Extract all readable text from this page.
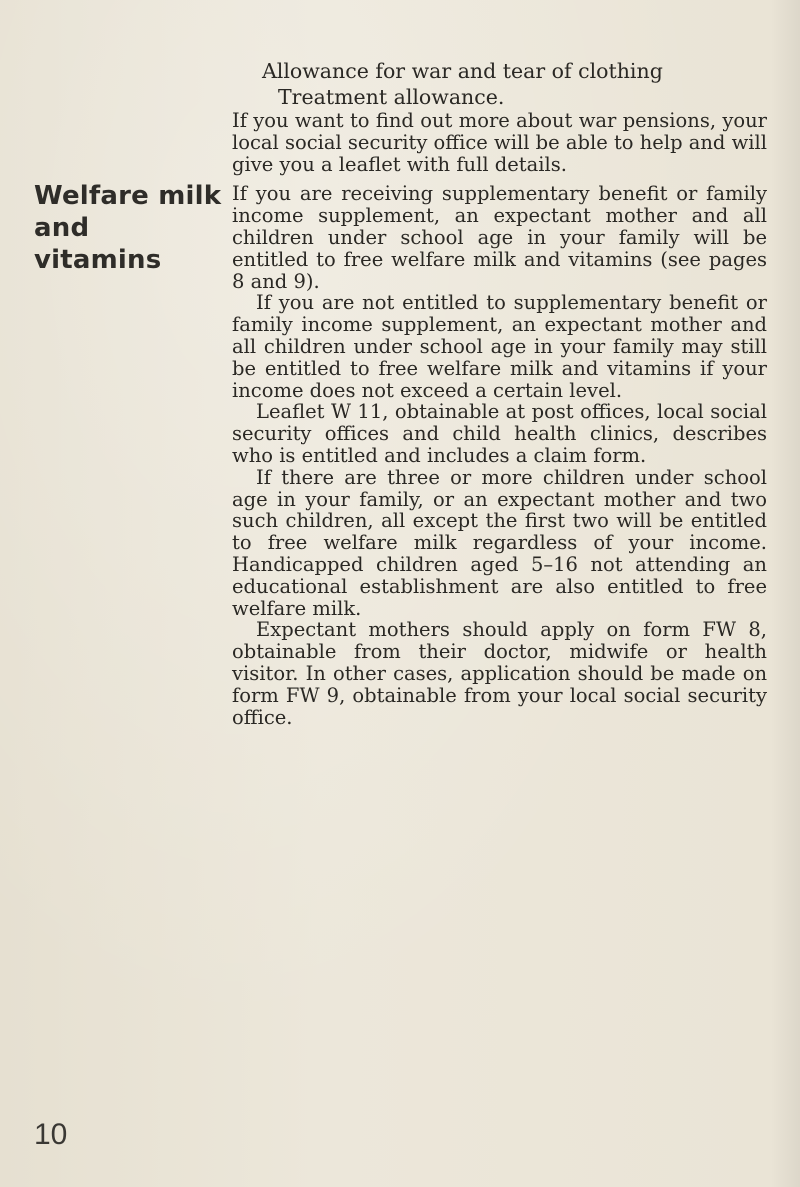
Allowance for war and tear of clothing
Treatment allowance.
Welfare milk
and
vitamins

If you want to find out more about war pensions, your local social security office will be able to help and will give you a leaflet with full details.

If you are receiving supplementary benefit or family income supplement, an expectant mother and all children under school age in your family will be entitled to free welfare milk and vitamins (see pages 8 and 9).

If you are not entitled to supplementary benefit or family income supplement, an expectant mother and all children under school age in your family may still be entitled to free welfare milk and vitamins if your income does not exceed a certain level.

Leaflet W 11, obtainable at post offices, local social security offices and child health clinics, describes who is entitled and includes a claim form.

If there are three or more children under school age in your family, or an expectant mother and two such children, all except the first two will be entitled to free welfare milk regardless of your income. Handicapped children aged 5–16 not attending an educational establishment are also entitled to free welfare milk.

Expectant mothers should apply on form FW 8, obtainable from their doctor, midwife or health visitor. In other cases, application should be made on form FW 9, obtainable from your local social security office.

10
